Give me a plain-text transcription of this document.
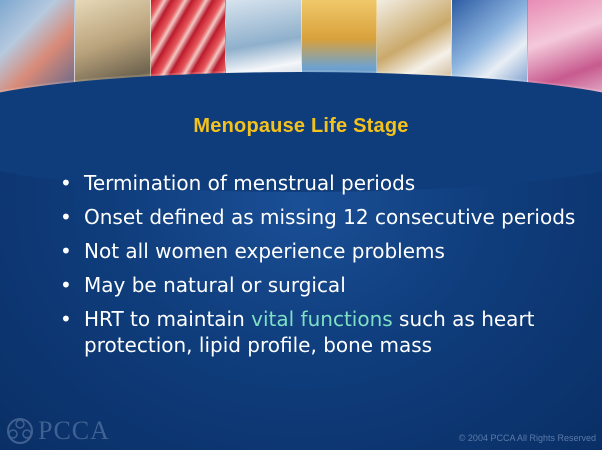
Menopause Life Stage
• Termination of menstrual periods
• Onset defined as missing 12 consecutive periods
• Not all women experience problems
• May be natural or surgical
• HRT to maintain vital functions such as heart protection, lipid profile, bone mass
PCCA	© 2004 PCCA All Rights Reserved
